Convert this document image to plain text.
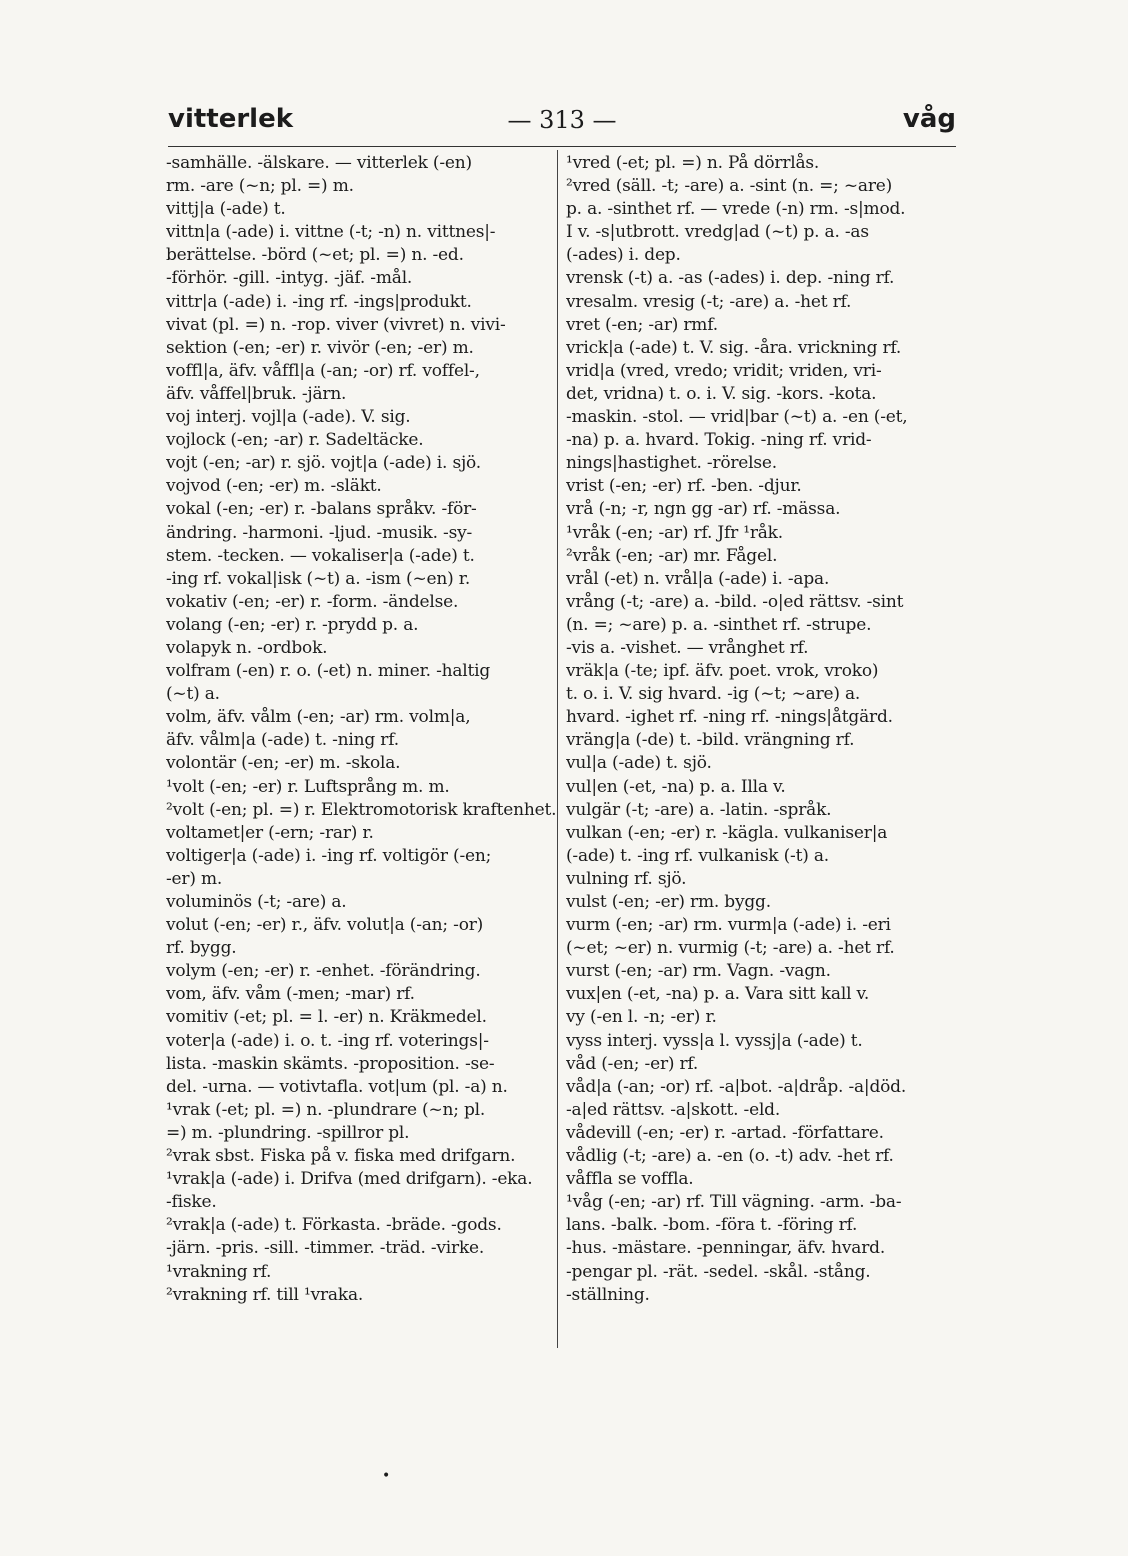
vitterlek	— 313 —	våg
-samhälle. -älskare. — vitterlek (-en)
rm. -are (~n; pl. =) m.
vittj|a (-ade) t.
vittn|a (-ade) i. vittne (-t; -n) n. vittnes|-
berättelse. -börd (~et; pl. =) n. -ed.
-förhör. -gill. -intyg. -jäf. -mål.
vittr|a (-ade) i. -ing rf. -ings|produkt.
vivat (pl. =) n. -rop. viver (vivret) n. vivi-
sektion (-en; -er) r. vivör (-en; -er) m.
voffl|a, äfv. våffl|a (-an; -or) rf. voffel-,
äfv. våffel|bruk. -järn.
voj interj. vojl|a (-ade). V. sig.
vojlock (-en; -ar) r. Sadeltäcke.
vojt (-en; -ar) r. sjö. vojt|a (-ade) i. sjö.
vojvod (-en; -er) m. -släkt.
vokal (-en; -er) r. -balans språkv. -för-
ändring. -harmoni. -ljud. -musik. -sy-
stem. -tecken. — vokaliser|a (-ade) t.
-ing rf. vokal|isk (~t) a. -ism (~en) r.
vokativ (-en; -er) r. -form. -ändelse.
volang (-en; -er) r. -prydd p. a.
volapyk n. -ordbok.
volfram (-en) r. o. (-et) n. miner. -haltig
(~t) a.
volm, äfv. vålm (-en; -ar) rm. volm|a,
äfv. vålm|a (-ade) t. -ning rf.
volontär (-en; -er) m. -skola.
¹volt (-en; -er) r. Luftsprång m. m.
²volt (-en; pl. =) r. Elektromotorisk kraftenhet.
voltamet|er (-ern; -rar) r.
voltiger|a (-ade) i. -ing rf. voltigör (-en;
-er) m.
voluminös (-t; -are) a.
volut (-en; -er) r., äfv. volut|a (-an; -or)
rf. bygg.
volym (-en; -er) r. -enhet. -förändring.
vom, äfv. våm (-men; -mar) rf.
vomitiv (-et; pl. = l. -er) n. Kräkmedel.
voter|a (-ade) i. o. t. -ing rf. voterings|-
lista. -maskin skämts. -proposition. -se-
del. -urna. — votivtafla. vot|um (pl. -a) n.
¹vrak (-et; pl. =) n. -plundrare (~n; pl.
=) m. -plundring. -spillror pl.
²vrak sbst. Fiska på v. fiska med drifgarn.
¹vrak|a (-ade) i. Drifva (med drifgarn). -eka.
-fiske.
²vrak|a (-ade) t. Förkasta. -bräde. -gods.
-järn. -pris. -sill. -timmer. -träd. -virke.
¹vrakning rf.
²vrakning rf. till ¹vraka.
¹vred (-et; pl. =) n. På dörrlås.
²vred (säll. -t; -are) a. -sint (n. =; ~are)
p. a. -sinthet rf. — vrede (-n) rm. -s|mod.
I v. -s|utbrott. vredg|ad (~t) p. a. -as
(-ades) i. dep.
vrensk (-t) a. -as (-ades) i. dep. -ning rf.
vresalm. vresig (-t; -are) a. -het rf.
vret (-en; -ar) rmf.
vrick|a (-ade) t. V. sig. -åra. vrickning rf.
vrid|a (vred, vredo; vridit; vriden, vri-
det, vridna) t. o. i. V. sig. -kors. -kota.
-maskin. -stol. — vrid|bar (~t) a. -en (-et,
-na) p. a. hvard. Tokig. -ning rf. vrid-
nings|hastighet. -rörelse.
vrist (-en; -er) rf. -ben. -djur.
vrå (-n; -r, ngn gg -ar) rf. -mässa.
¹vråk (-en; -ar) rf. Jfr ¹råk.
²vråk (-en; -ar) mr. Fågel.
vrål (-et) n. vrål|a (-ade) i. -apa.
vrång (-t; -are) a. -bild. -o|ed rättsv. -sint
(n. =; ~are) p. a. -sinthet rf. -strupe.
-vis a. -vishet. — vrånghet rf.
vräk|a (-te; ipf. äfv. poet. vrok, vroko)
t. o. i. V. sig hvard. -ig (~t; ~are) a.
hvard. -ighet rf. -ning rf. -nings|åtgärd.
vräng|a (-de) t. -bild. vrängning rf.
vul|a (-ade) t. sjö.
vul|en (-et, -na) p. a. Illa v.
vulgär (-t; -are) a. -latin. -språk.
vulkan (-en; -er) r. -kägla. vulkaniser|a
(-ade) t. -ing rf. vulkanisk (-t) a.
vulning rf. sjö.
vulst (-en; -er) rm. bygg.
vurm (-en; -ar) rm. vurm|a (-ade) i. -eri
(~et; ~er) n. vurmig (-t; -are) a. -het rf.
vurst (-en; -ar) rm. Vagn. -vagn.
vux|en (-et, -na) p. a. Vara sitt kall v.
vy (-en l. -n; -er) r.
vyss interj. vyss|a l. vyssj|a (-ade) t.
våd (-en; -er) rf.
våd|a (-an; -or) rf. -a|bot. -a|dråp. -a|död.
-a|ed rättsv. -a|skott. -eld.
vådevill (-en; -er) r. -artad. -författare.
vådlig (-t; -are) a. -en (o. -t) adv. -het rf.
våffla se voffla.
¹våg (-en; -ar) rf. Till vägning. -arm. -ba-
lans. -balk. -bom. -föra t. -föring rf.
-hus. -mästare. -penningar, äfv. hvard.
-pengar pl. -rät. -sedel. -skål. -stång.
-ställning.
•
